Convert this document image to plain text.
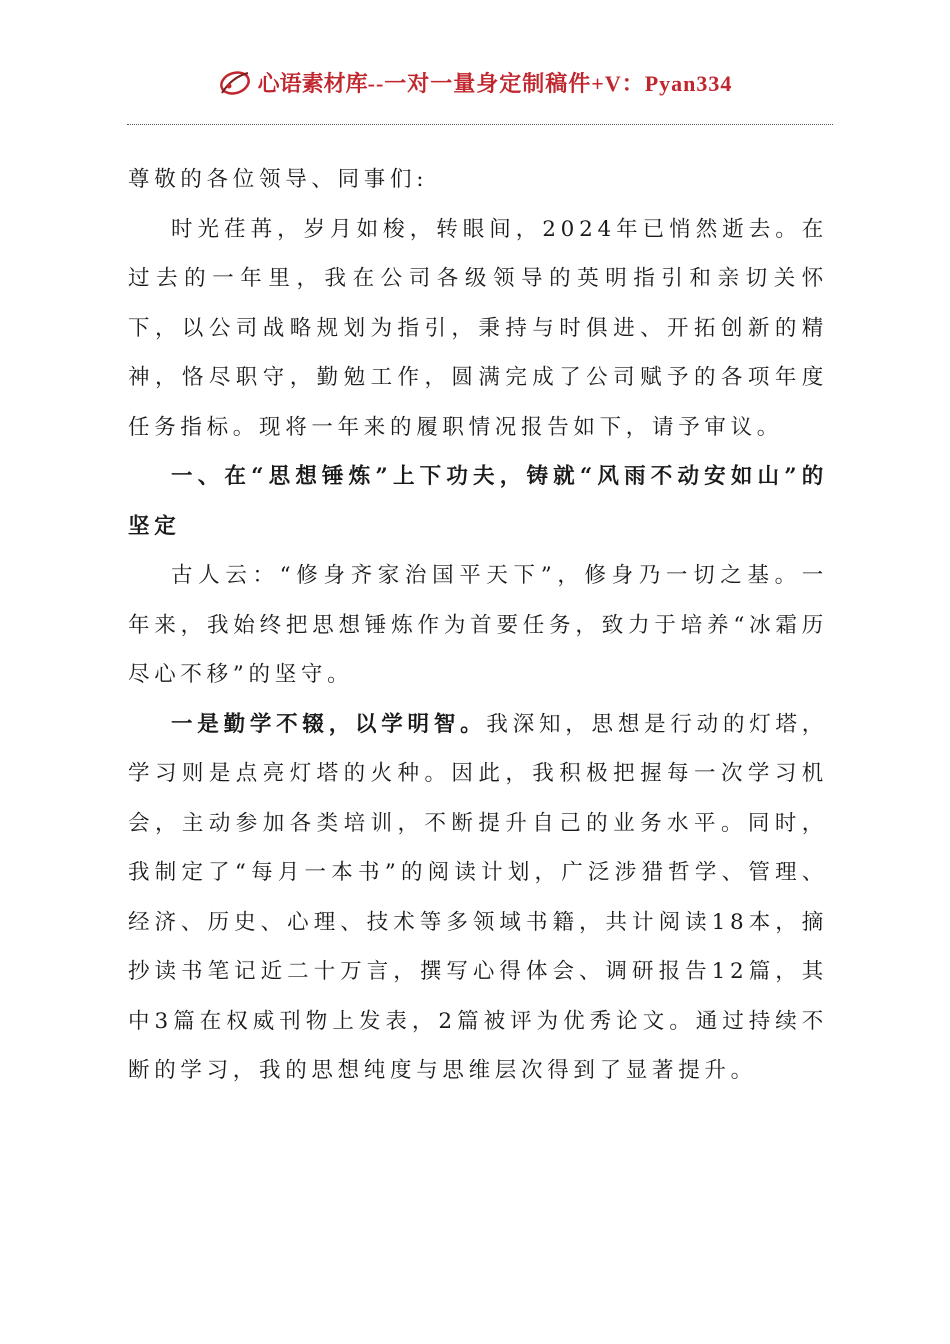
心语素材库 --一对一量身定制稿件+V：Pyan334

尊敬的各位领导、同事们:

时光荏苒，岁月如梭，转眼间，2024年已悄然逝去。在过去的一年里，我在公司各级领导的英明指引和亲切关怀下，以公司战略规划为指引，秉持与时俱进、开拓创新的精神，恪尽职守，勤勉工作，圆满完成了公司赋予的各项年度任务指标。现将一年来的履职情况报告如下，请予审议。

一、在“思想锤炼”上下功夫，铸就“风雨不动安如山”的坚定

古人云：“修身齐家治国平天下”，修身乃一切之基。一年来，我始终把思想锤炼作为首要任务，致力于培养“冰霜历尽心不移”的坚守。

一是勤学不辍，以学明智。我深知，思想是行动的灯塔，学习则是点亮灯塔的火种。因此，我积极把握每一次学习机会，主动参加各类培训，不断提升自己的业务水平。同时，我制定了“每月一本书”的阅读计划，广泛涉猎哲学、管理、经济、历史、心理、技术等多领域书籍，共计阅读18本，摘抄读书笔记近二十万言，撰写心得体会、调研报告12篇，其中3篇在权威刊物上发表，2篇被评为优秀论文。通过持续不断的学习，我的思想纯度与思维层次得到了显著提升。
